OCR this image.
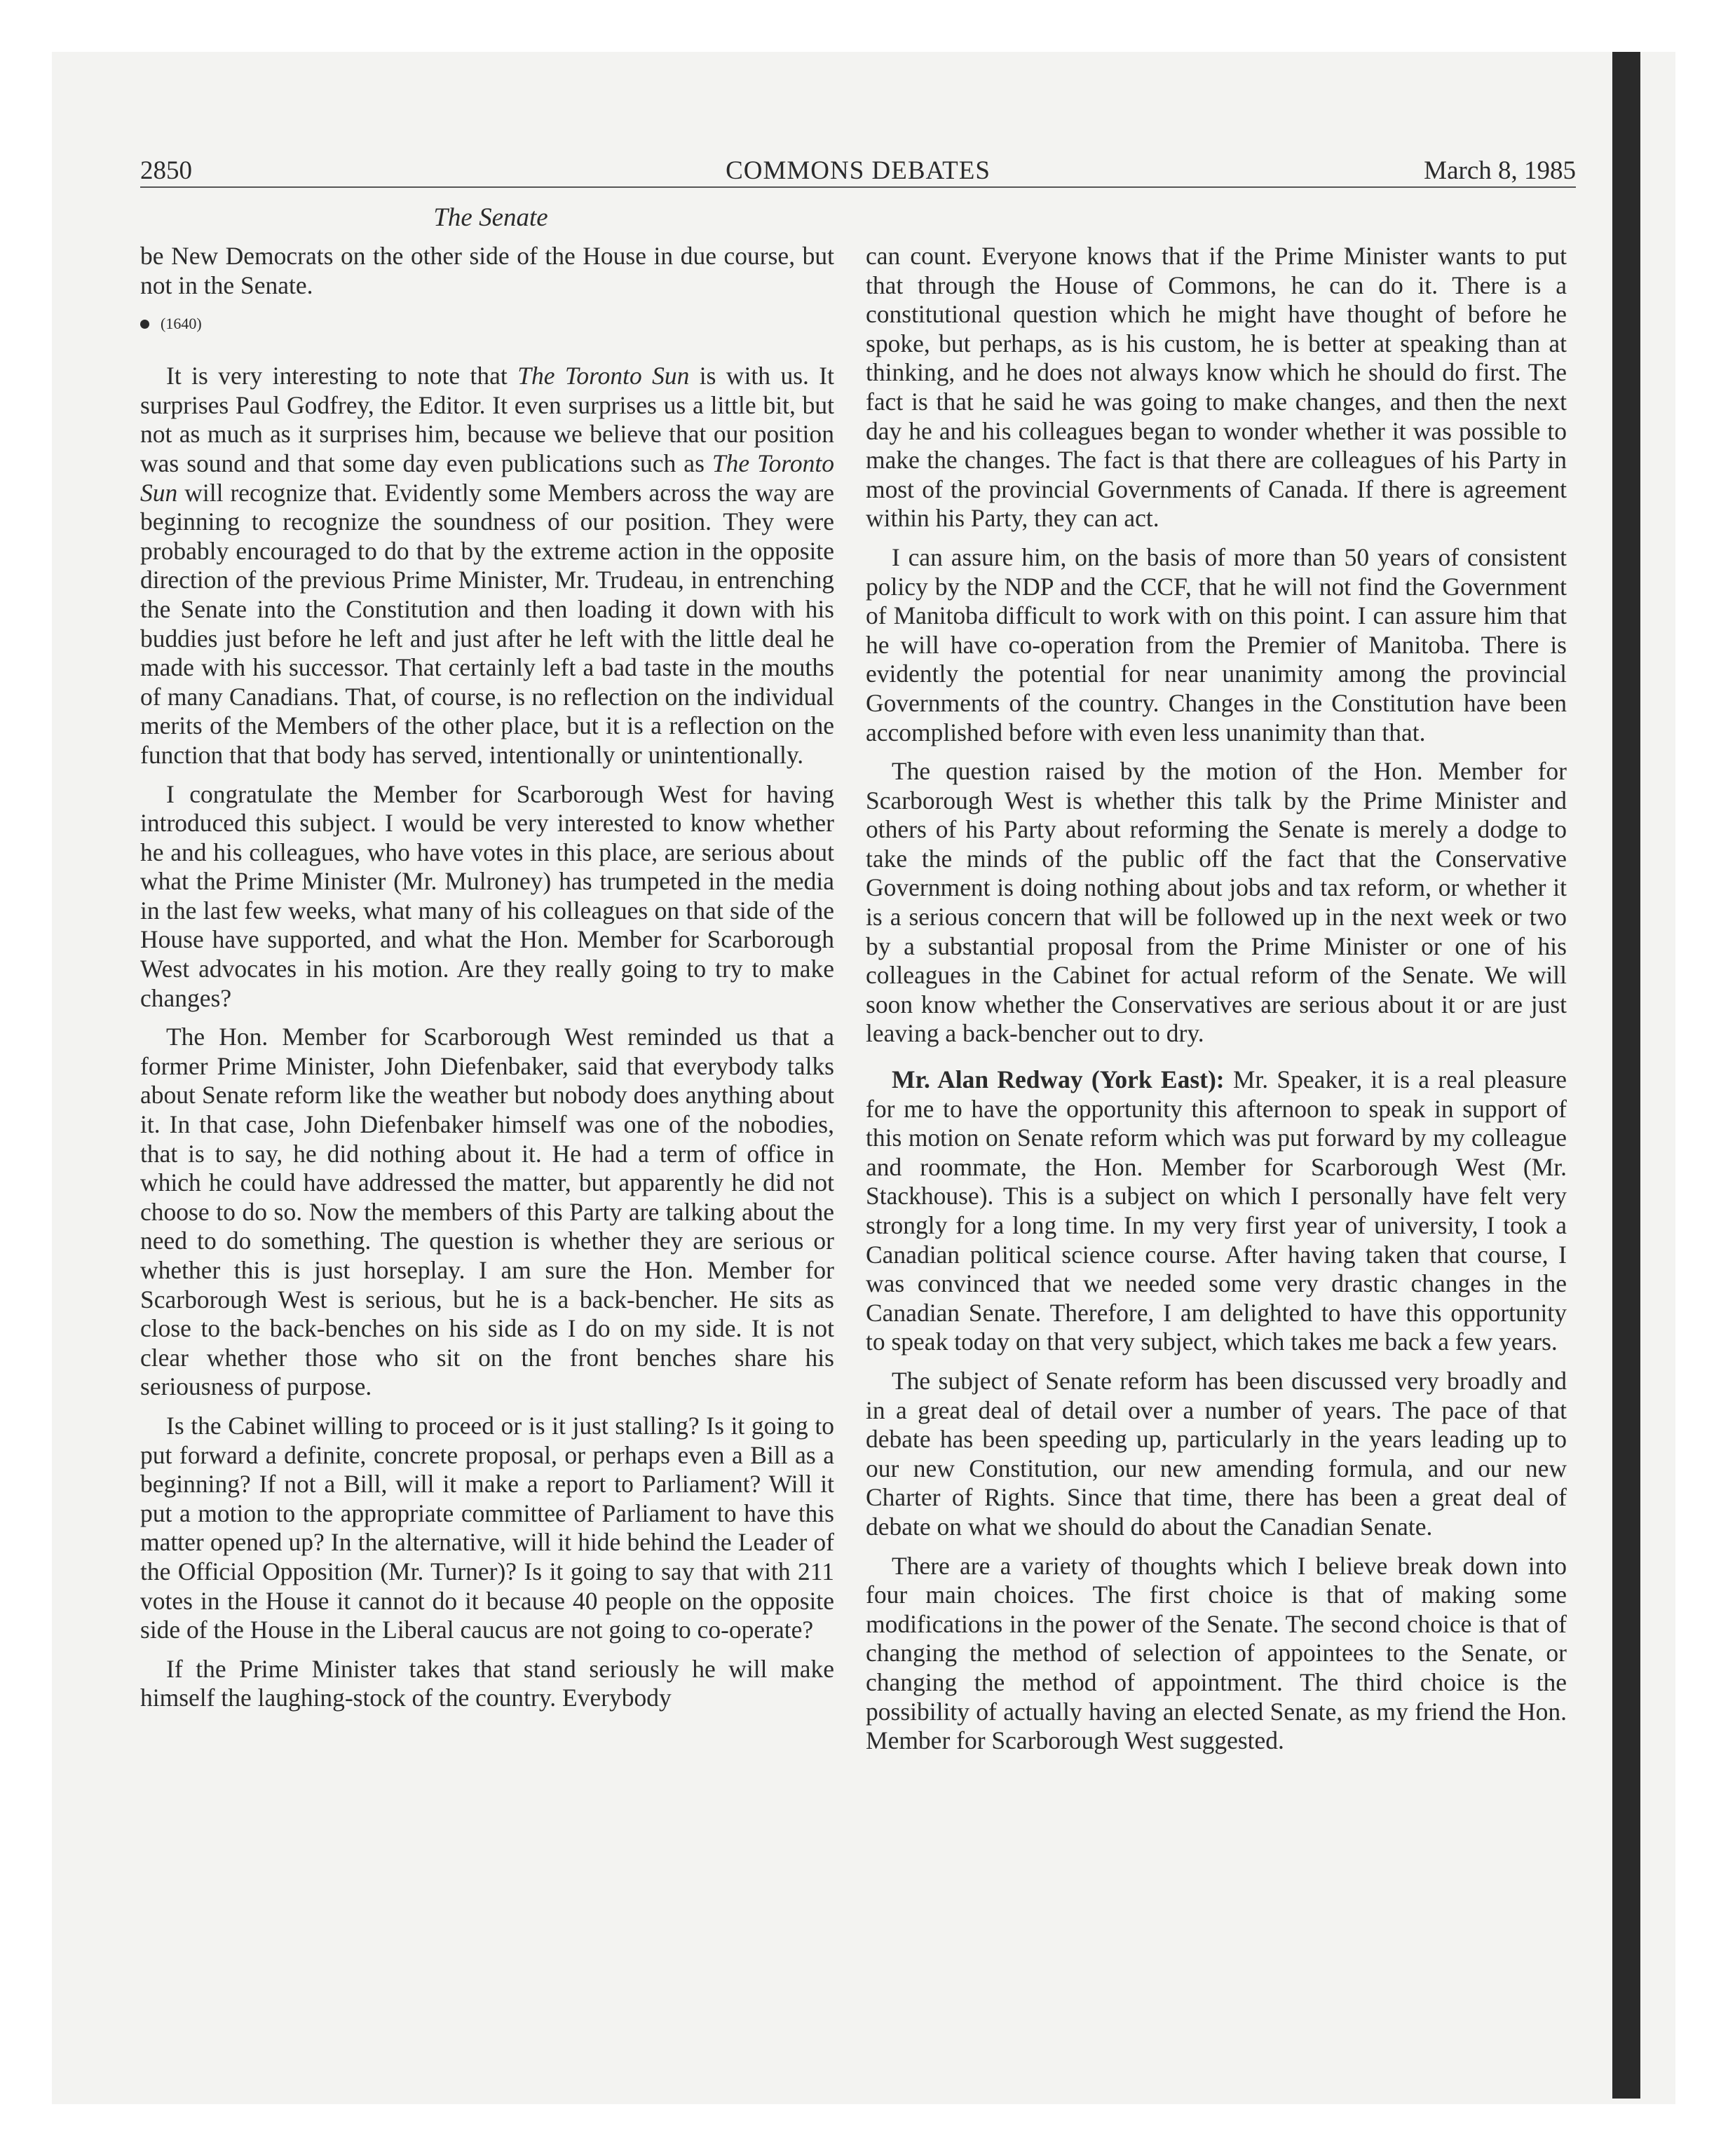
2850	COMMONS DEBATES	March 8, 1985
The Senate

be New Democrats on the other side of the House in due course, but not in the Senate.

(1640)

It is very interesting to note that The Toronto Sun is with us. It surprises Paul Godfrey, the Editor. It even surprises us a little bit, but not as much as it surprises him, because we believe that our position was sound and that some day even publications such as The Toronto Sun will recognize that. Evidently some Members across the way are beginning to recognize the soundness of our position. They were probably encouraged to do that by the extreme action in the opposite direction of the previous Prime Minister, Mr. Trudeau, in entrenching the Senate into the Constitution and then loading it down with his buddies just before he left and just after he left with the little deal he made with his successor. That certainly left a bad taste in the mouths of many Canadians. That, of course, is no reflection on the individual merits of the Members of the other place, but it is a reflection on the function that that body has served, intentionally or unintentionally.

I congratulate the Member for Scarborough West for having introduced this subject. I would be very interested to know whether he and his colleagues, who have votes in this place, are serious about what the Prime Minister (Mr. Mulroney) has trumpeted in the media in the last few weeks, what many of his colleagues on that side of the House have supported, and what the Hon. Member for Scarborough West advocates in his motion. Are they really going to try to make changes?

The Hon. Member for Scarborough West reminded us that a former Prime Minister, John Diefenbaker, said that everybody talks about Senate reform like the weather but nobody does anything about it. In that case, John Diefenbaker himself was one of the nobodies, that is to say, he did nothing about it. He had a term of office in which he could have addressed the matter, but apparently he did not choose to do so. Now the members of this Party are talking about the need to do something. The question is whether they are serious or whether this is just horseplay. I am sure the Hon. Member for Scarborough West is serious, but he is a back-bencher. He sits as close to the back-benches on his side as I do on my side. It is not clear whether those who sit on the front benches share his seriousness of purpose.

Is the Cabinet willing to proceed or is it just stalling? Is it going to put forward a definite, concrete proposal, or perhaps even a Bill as a beginning? If not a Bill, will it make a report to Parliament? Will it put a motion to the appropriate committee of Parliament to have this matter opened up? In the alternative, will it hide behind the Leader of the Official Opposition (Mr. Turner)? Is it going to say that with 211 votes in the House it cannot do it because 40 people on the opposite side of the House in the Liberal caucus are not going to co-operate?

If the Prime Minister takes that stand seriously he will make himself the laughing-stock of the country. Everybody

can count. Everyone knows that if the Prime Minister wants to put that through the House of Commons, he can do it. There is a constitutional question which he might have thought of before he spoke, but perhaps, as is his custom, he is better at speaking than at thinking, and he does not always know which he should do first. The fact is that he said he was going to make changes, and then the next day he and his colleagues began to wonder whether it was possible to make the changes. The fact is that there are colleagues of his Party in most of the provincial Governments of Canada. If there is agreement within his Party, they can act.

I can assure him, on the basis of more than 50 years of consistent policy by the NDP and the CCF, that he will not find the Government of Manitoba difficult to work with on this point. I can assure him that he will have co-operation from the Premier of Manitoba. There is evidently the potential for near unanimity among the provincial Governments of the country. Changes in the Constitution have been accomplished before with even less unanimity than that.

The question raised by the motion of the Hon. Member for Scarborough West is whether this talk by the Prime Minister and others of his Party about reforming the Senate is merely a dodge to take the minds of the public off the fact that the Conservative Government is doing nothing about jobs and tax reform, or whether it is a serious concern that will be followed up in the next week or two by a substantial proposal from the Prime Minister or one of his colleagues in the Cabinet for actual reform of the Senate. We will soon know whether the Conservatives are serious about it or are just leaving a back-bencher out to dry.

Mr. Alan Redway (York East): Mr. Speaker, it is a real pleasure for me to have the opportunity this afternoon to speak in support of this motion on Senate reform which was put forward by my colleague and roommate, the Hon. Member for Scarborough West (Mr. Stackhouse). This is a subject on which I personally have felt very strongly for a long time. In my very first year of university, I took a Canadian political science course. After having taken that course, I was convinced that we needed some very drastic changes in the Canadian Senate. Therefore, I am delighted to have this opportunity to speak today on that very subject, which takes me back a few years.

The subject of Senate reform has been discussed very broadly and in a great deal of detail over a number of years. The pace of that debate has been speeding up, particularly in the years leading up to our new Constitution, our new amending formula, and our new Charter of Rights. Since that time, there has been a great deal of debate on what we should do about the Canadian Senate.

There are a variety of thoughts which I believe break down into four main choices. The first choice is that of making some modifications in the power of the Senate. The second choice is that of changing the method of selection of appointees to the Senate, or changing the method of appointment. The third choice is the possibility of actually having an elected Senate, as my friend the Hon. Member for Scarborough West suggested.
